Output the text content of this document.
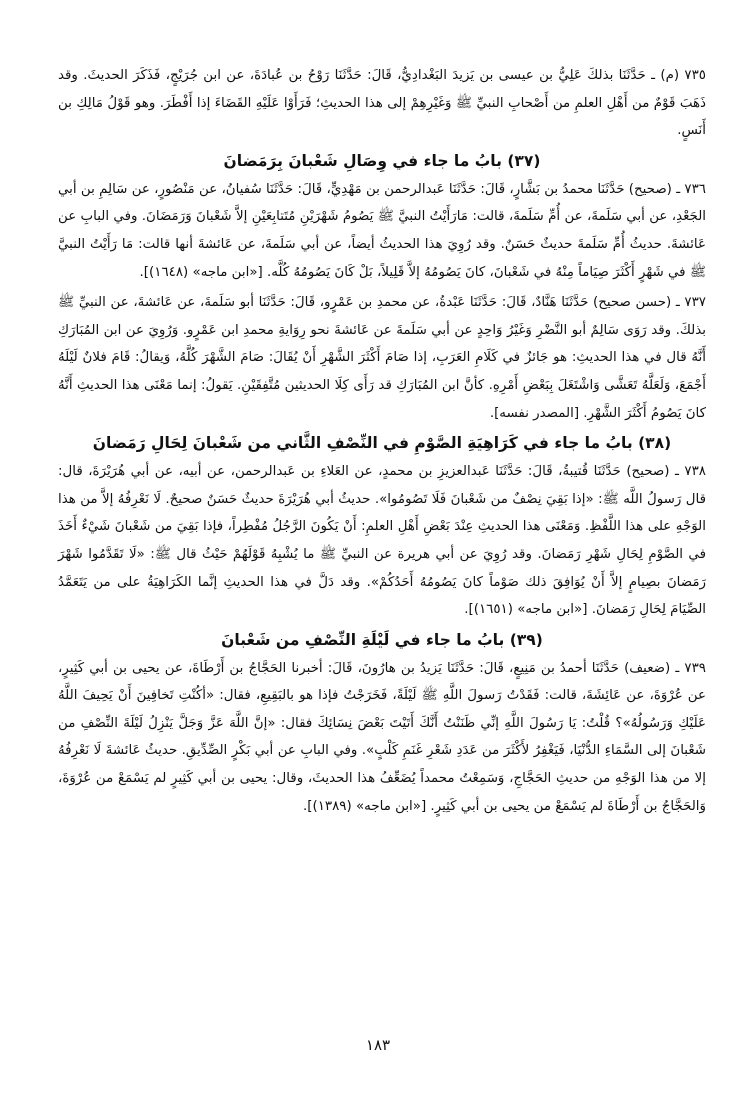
٧٣٥ (م) ـ حَدَّثَنَا بذلكَ عَلِيُّ بن عيسى بن يَزيدَ البَغْدادِيُّ، قَالَ: حَدَّثَنَا رَوْحُ بن عُبادَةَ، عن ابن جُرَيْجٍ، فَذَكَرَ الحديثَ. وقد ذَهَبَ قَوْمٌ من أَهْلِ العلمِ من أَصْحابِ النبيِّ ﷺ وَغَيْرِهِمْ إلى هذا الحديثِ؛ فَرَأَوْا عَلَيْهِ القَضَاءَ إذا أَفْطَرَ. وهو قَوْلُ مَالِكِ بن أَنَسٍ.

(٣٧) بابُ ما جاء في وِصَالِ شَعْبانَ بِرَمَضانَ

٧٣٦ ـ (صحيح) حَدَّثَنَا محمدُ بن بَشَّارٍ، قَالَ: حَدَّثَنَا عَبدالرحمن بن مَهْدِيٍّ، قَالَ: حَدَّثَنَا سُفيانُ، عن مَنْصُورٍ، عن سَالِمِ بن أبي الجَعْدِ، عن أبي سَلَمةَ، عن أُمِّ سَلَمةَ، قالت: مَارَأَيْتُ النبيَّ ﷺ يَصُومُ شَهْرَيْنِ مُتَتابِعَيْنِ إلاَّ شَعْبانَ وَرَمَضَانَ. وفي البابِ عن عَائشةَ. حديثُ أُمِّ سَلَمةَ حديثٌ حَسَنٌ. وقد رُوِيَ هذا الحديثُ أيضاً، عن أبي سَلَمةَ، عن عَائشةَ أنها قالت: مَا رَأَيْتُ النبيَّ ﷺ في شَهْرٍ أَكْثَرَ صِيَاماً مِنْهُ في شَعْبانَ، كانَ يَصُومُهُ إلاَّ قَلِيلاً، بَلْ كَانَ يَصُومُهُ كُلَّه. [«ابن ماجه» (١٦٤٨)].

٧٣٧ ـ (حسن صحيح) حَدَّثَنَا هَنَّادٌ، قَالَ: حَدَّثَنَا عَبْدةُ، عن محمدِ بن عَمْرٍو، قَالَ: حَدَّثَنَا أبو سَلَمةَ، عن عَائشةَ، عن النبيِّ ﷺ بذلكَ. وقد رَوَى سَالِمٌ أبو النَّضْرِ وَغَيْرُ وَاحِدٍ عن أبي سَلَمةَ عن عَائشةَ نحو رِوَايةِ محمدِ ابن عَمْرٍو. وَرُوِيَ عن ابن المُبَارَكِ أَنَّهُ قال في هذا الحديثِ: هو جَائزٌ في كَلَامِ العَرَبِ، إذا صَامَ أَكْثَرَ الشَّهْرِ أَنْ يُقَالَ: صَامَ الشَّهْرَ كُلَّهُ، وَيقالُ: قَامَ فلانٌ لَيْلَهُ أَجْمَعَ، وَلَعَلَّهُ تَعَشَّى وَاشْتَغَلَ بِبَعْضِ أَمْرِهِ. كأنَّ ابن المُبَارَكِ قد رَأَى كِلَا الحديثين مُتَّفِقَيْنِ. يَقولُ: إنما مَعْنَى هذا الحديثِ أَنَّهُ كانَ يَصُومُ أَكْثَرَ الشَّهْرِ. [المصدر نفسه].

(٣٨) بابُ ما جاء في كَرَاهِيَةِ الصَّوْمِ في النِّصْفِ الثَّاني من شَعْبانَ لِحَالِ رَمَضانَ

٧٣٨ ـ (صحيح) حَدَّثَنَا قُتيبةُ، قَالَ: حَدَّثَنَا عَبدالعزيزِ بن محمدٍ، عن العَلاءِ بن عَبدالرحمن، عن أبيه، عن أبي هُرَيْرَةَ، قال: قال رَسولُ اللَّه ﷺ: «إذا بَقِيَ نِصْفٌ من شَعْبانَ فَلَا تَصُومُوا». حديثُ أبي هُرَيْرَةَ حديثٌ حَسَنٌ صحيحٌ. لَا نَعْرِفُهُ إلاَّ من هذا الوَجْهِ على هذا اللَّفْظِ. وَمَعْنَى هذا الحديثِ عِنْدَ بَعْضِ أَهْلِ العلمِ: أَنْ يَكُونَ الرَّجُلُ مُفْطِراً، فإذا بَقِيَ من شَعْبانَ شَيْءٌ أَخَذَ في الصَّوْمِ لِحَالِ شَهْرِ رَمَضانَ. وقد رُوِيَ عن أبي هريرة عن النبيِّ ﷺ ما يُشْبِهُ قَوْلَهُمْ حَيْثُ قال ﷺ: «لَا تَقَدَّمُوا شَهْرَ رَمَضانَ بصِيامٍ إلاَّ أَنْ يُوَافِقَ ذلك صَوْماً كانَ يَصُومُهُ أَحَدُكُمْ». وقد دَلَّ في هذا الحديثِ إنَّما الكَرَاهِيَةُ على من يَتَعَمَّدُ الصِّيَامَ لِحَالِ رَمَضانَ. [«ابن ماجه» (١٦٥١)].

(٣٩) بابُ ما جاء في لَيْلَةِ النِّصْفِ من شَعْبانَ

٧٣٩ ـ (ضعيف) حَدَّثَنَا أحمدُ بن مَنِيعٍ، قَالَ: حَدَّثَنَا يَزيدُ بن هارُونَ، قَالَ: أخبرنا الحَجَّاجُ بن أَرْطَاةَ، عن يحيى بن أبي كَثِيرٍ، عن عُرْوَةَ، عن عَائِشَةَ، قالت: فَقَدْتُ رَسولَ اللَّهِ ﷺ لَيْلَةً، فَخَرَجْتُ فإذا هو بالبَقِيعِ، فقال: «أكُنْتِ تَخافِينَ أَنْ يَحِيفَ اللَّهُ عَلَيْكِ وَرَسُولُهُ»؟ قُلْتُ: يَا رَسُولَ اللَّهِ إنِّي ظَنَنْتُ أَنَّكَ أَتَيْتَ بَعْضَ نِسَائِكَ فقال: «إنَّ اللَّهَ عَزَّ وَجَلَّ يَنْزِلُ لَيْلَةَ النِّصْفِ من شَعْبانَ إلى السَّمَاءِ الدُّنْيَا، فَيَغْفِرُ لأَكْثَرَ من عَدَدِ شَعْرِ غَنَمِ كَلْبٍ». وفي البابِ عن أبي بَكْرٍ الصِّدِّيقِ. حديثُ عَائشةَ لَا نَعْرِفُهُ إلا من هذا الوَجْهِ من حديثِ الحَجَّاجِ، وَسَمِعْتُ محمداً يُضَعِّفُ هذا الحديثَ، وقال: يحيى بن أبي كَثِيرٍ لم يَسْمَعْ من عُرْوَةَ، وَالحَجَّاجُ بن أَرْطَاةَ لم يَسْمَعْ من يحيى بن أبي كَثِيرٍ. [«ابن ماجه» (١٣٨٩)].

١٨٣
